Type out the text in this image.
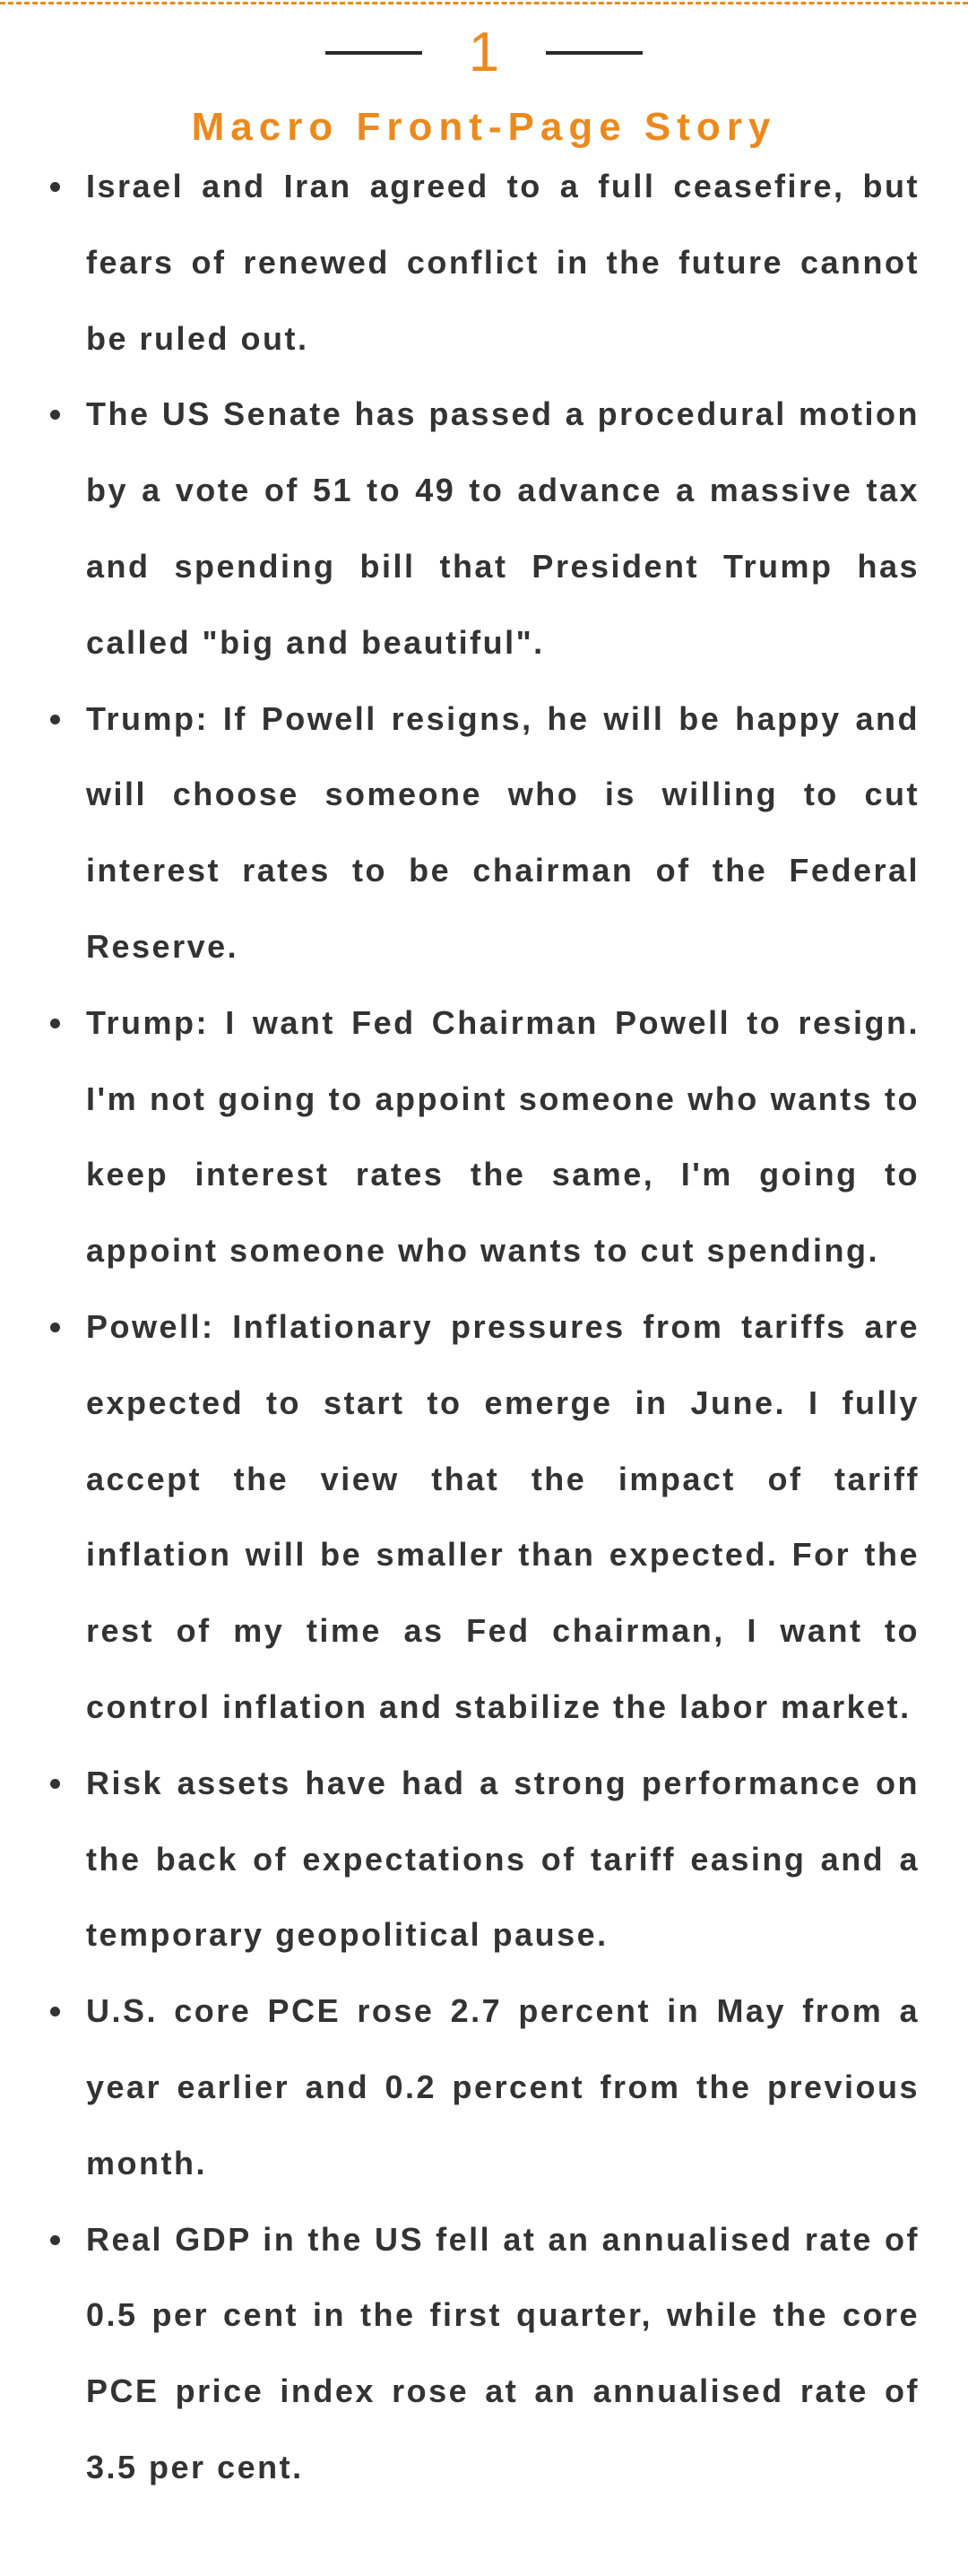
1
Macro Front-Page Story
Israel and Iran agreed to a full ceasefire, but fears of renewed conflict in the future cannot be ruled out.
The US Senate has passed a procedural motion by a vote of 51 to 49 to advance a massive tax and spending bill that President Trump has called "big and beautiful".
Trump: If Powell resigns, he will be happy and will choose someone who is willing to cut interest rates to be chairman of the Federal Reserve.
Trump: I want Fed Chairman Powell to resign. I'm not going to appoint someone who wants to keep interest rates the same, I'm going to appoint someone who wants to cut spending.
Powell: Inflationary pressures from tariffs are expected to start to emerge in June. I fully accept the view that the impact of tariff inflation will be smaller than expected. For the rest of my time as Fed chairman, I want to control inflation and stabilize the labor market.
Risk assets have had a strong performance on the back of expectations of tariff easing and a temporary geopolitical pause.
U.S. core PCE rose 2.7 percent in May from a year earlier and 0.2 percent from the previous month.
Real GDP in the US fell at an annualised rate of 0.5 per cent in the first quarter, while the core PCE price index rose at an annualised rate of 3.5 per cent.
